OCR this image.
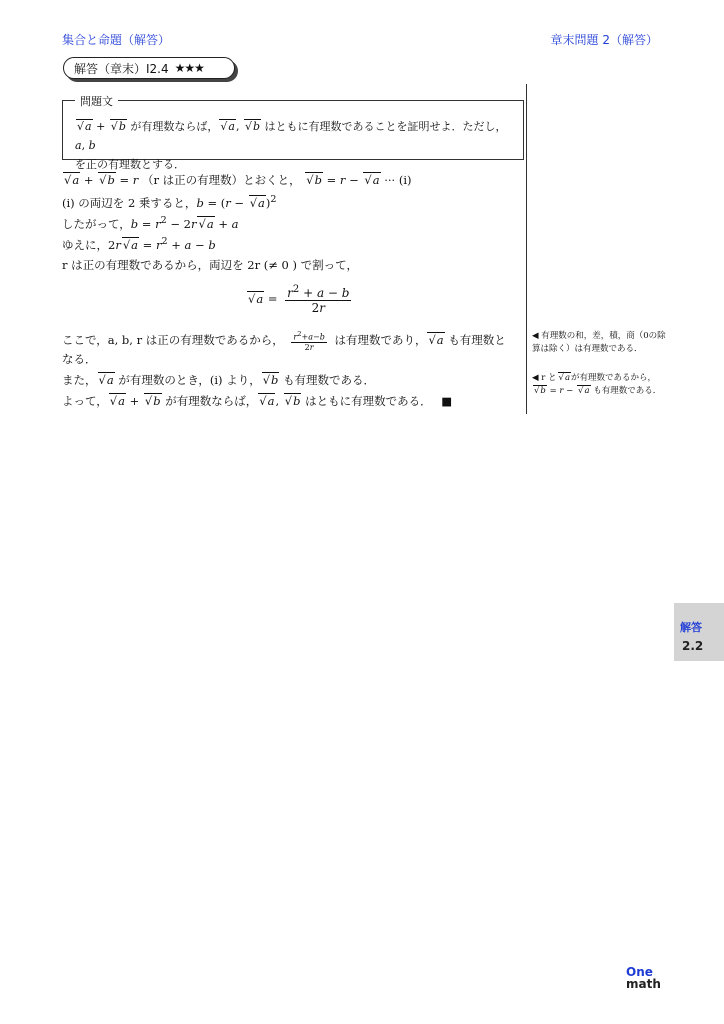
集合と命題（解答）	章末問題 2（解答）
解答（章末）I2.4 ★★★
問題文
√ a + √ b が有理数ならば，√ a, √ b はともに有理数であることを証明せよ．ただし，a, b
を正の有理数とする．
√ a + √ b = r （r は正の有理数）とおくと， √ b = r − √ a ··· (i)
(i) の両辺を 2 乗すると，b = (r − √ a)$^2$
したがって，$b = r^2 - 2r√$ a + a
ゆえに，2r√ $a = r^2 + a - b$
r は正の有理数であるから，両辺を 2r (≠ 0 ) で割って，
√ $a = \frac{r^2 + a - b}{2r}$
ここで，a, b, r は正の有理数であるから， $\frac{r^2+a-b}{2r}$ は有理数であり，√ a も有理数と
なる．
また，√ a が有理数のとき，(i) より，√ b も有理数である．
よって，√ a + √ b が有理数ならば，√ a, √ b はともに有理数である． ■
◀ 有理数の和，差，積，商（0の除算は除く）は有理数である．
◀ r と√ aが有理数であるから， √ b = r − √ a も有理数である．
解答
2.2
One
math
